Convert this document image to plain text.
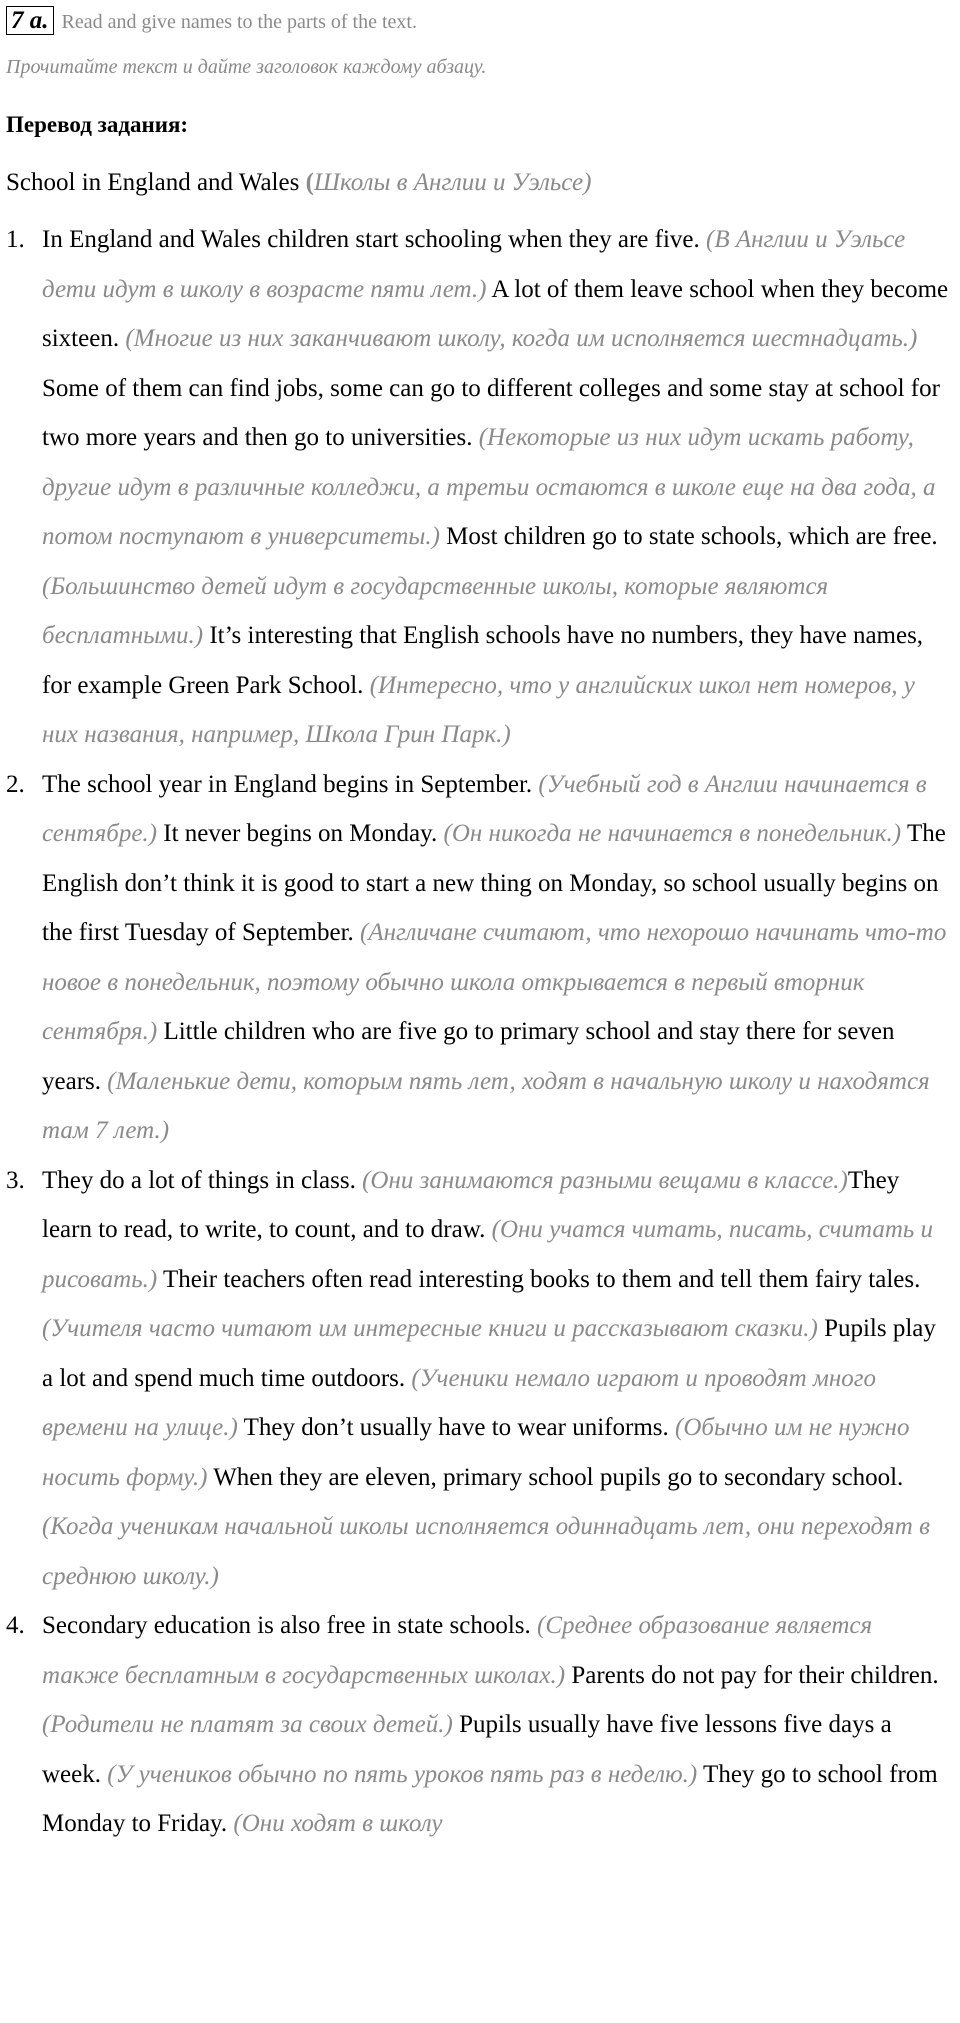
7 a. Read and give names to the parts of the text.
Прочитайте текст и дайте заголовок каждому абзацу.
Перевод задания:
School in England and Wales (Школы в Англии и Уэльсе)
1. In England and Wales children start schooling when they are five. (В Англии и Уэльсе дети идут в школу в возрасте пяти лет.) A lot of them leave school when they become sixteen. (Многие из них заканчивают школу, когда им исполняется шестнадцать.) Some of them can find jobs, some can go to different colleges and some stay at school for two more years and then go to universities. (Некоторые из них идут искать работу, другие идут в различные колледжи, а третьи остаются в школе еще на два года, а потом поступают в университеты.) Most children go to state schools, which are free. (Большинство детей идут в государственные школы, которые являются бесплатными.) It’s interesting that English schools have no numbers, they have names, for example Green Park School. (Интересно, что у английских школ нет номеров, у них названия, например, Школа Грин Парк.)
2. The school year in England begins in September. (Учебный год в Англии начинается в сентябре.) It never begins on Monday. (Он никогда не начинается в понедельник.) The English don’t think it is good to start a new thing on Monday, so school usually begins on the first Tuesday of September. (Англичане считают, что нехорошо начинать что-то новое в понедельник, поэтому обычно школа открывается в первый вторник сентября.) Little children who are five go to primary school and stay there for seven years. (Маленькие дети, которым пять лет, ходят в начальную школу и находятся там 7 лет.)
3. They do a lot of things in class. (Они занимаются разными вещами в классе.)They learn to read, to write, to count, and to draw. (Они учатся читать, писать, считать и рисовать.) Their teachers often read interesting books to them and tell them fairy tales. (Учителя часто читают им интересные книги и рассказывают сказки.) Pupils play a lot and spend much time outdoors. (Ученики немало играют и проводят много времени на улице.) They don’t usually have to wear uniforms. (Обычно им не нужно носить форму.) When they are eleven, primary school pupils go to secondary school. (Когда ученикам начальной школы исполняется одиннадцать лет, они переходят в среднюю школу.)
4. Secondary education is also free in state schools. (Среднее образование является также бесплатным в государственных школах.) Parents do not pay for their children. (Родители не платят за своих детей.) Pupils usually have five lessons five days a week. (У учеников обычно по пять уроков пять раз в неделю.) They go to school from Monday to Friday. (Они ходят в школу
